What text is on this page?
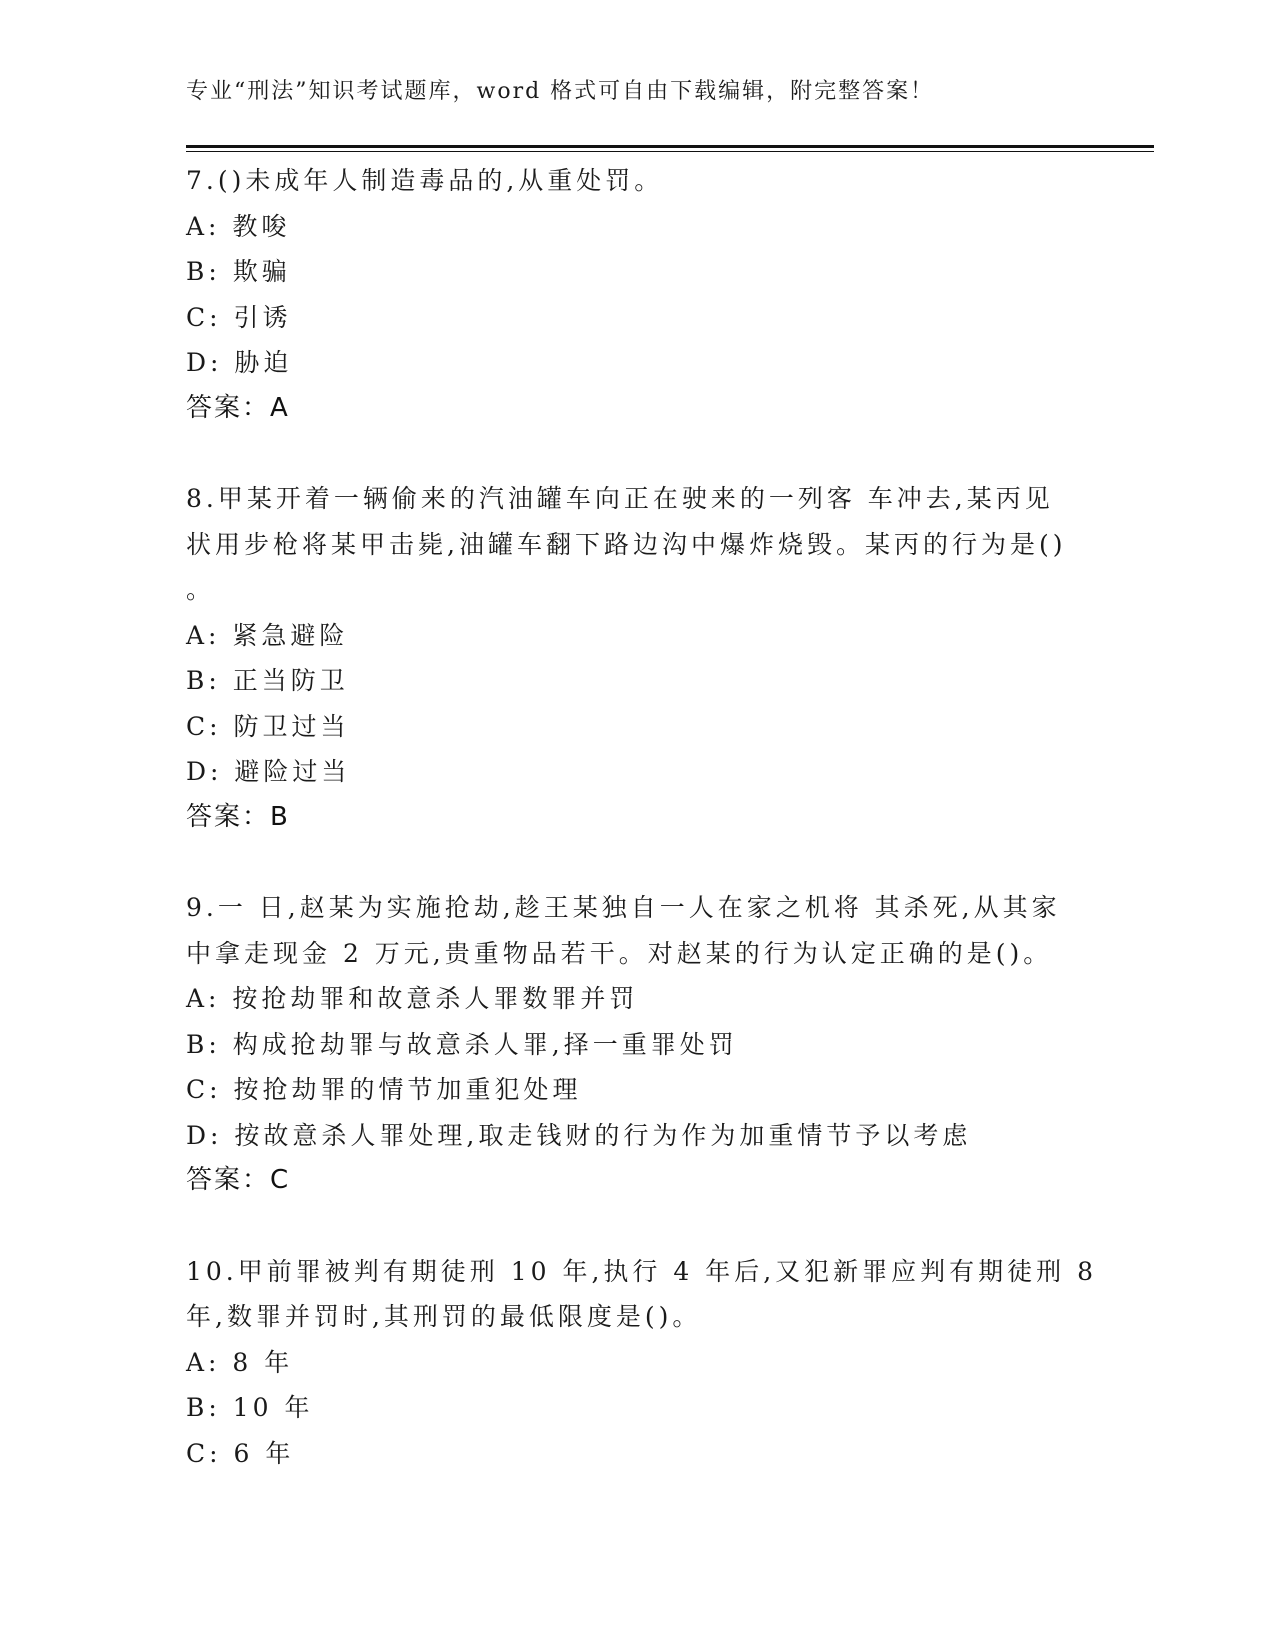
专业“刑法”知识考试题库，word 格式可自由下载编辑，附完整答案！
7.()未成年人制造毒品的,从重处罚。
A: 教唆
B: 欺骗
C: 引诱
D: 胁迫
答案：A
8.甲某开着一辆偷来的汽油罐车向正在驶来的一列客 车冲去,某丙见
状用步枪将某甲击毙,油罐车翻下路边沟中爆炸烧毁。某丙的行为是()
。
A: 紧急避险
B: 正当防卫
C: 防卫过当
D: 避险过当
答案：B
9.一 日,赵某为实施抢劫,趁王某独自一人在家之机将 其杀死,从其家
中拿走现金 2 万元,贵重物品若干。对赵某的行为认定正确的是()。
A: 按抢劫罪和故意杀人罪数罪并罚
B: 构成抢劫罪与故意杀人罪,择一重罪处罚
C: 按抢劫罪的情节加重犯处理
D: 按故意杀人罪处理,取走钱财的行为作为加重情节予以考虑
答案：C
10.甲前罪被判有期徒刑 10 年,执行 4 年后,又犯新罪应判有期徒刑 8
年,数罪并罚时,其刑罚的最低限度是()。
A: 8 年
B: 10 年
C: 6 年
